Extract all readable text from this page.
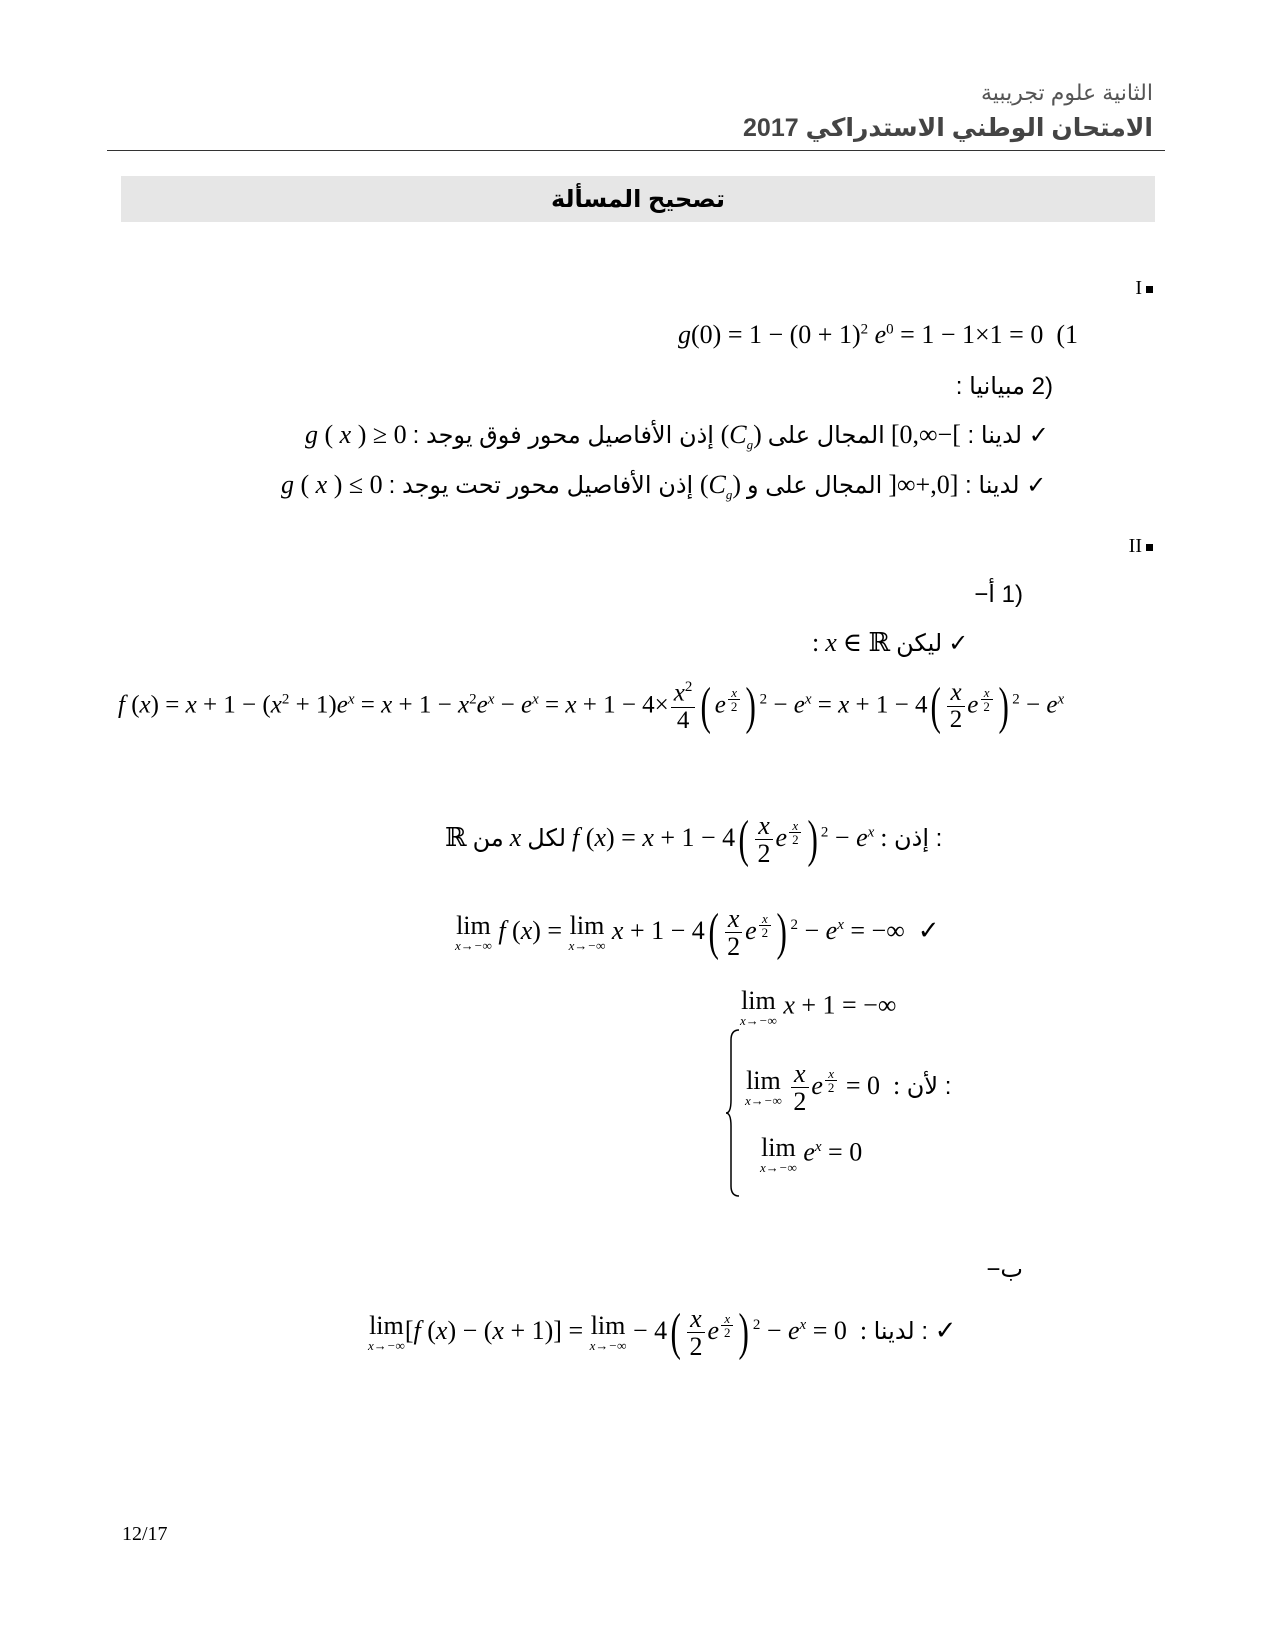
الثانية علوم تجريبية
الامتحان الوطني الاستدراكي 2017
تصحيح المسألة
I
$g(0) = 1 - (0 + 1)^2$ $e^0 = 1 - 1\times 1 = 0$  (1
(2 مبيانيا :
g ( x ) ≥ 0 : إذن الأفاصيل محور فوق يوجد $(C_g)$	لدينا : ]−∞,0] المجال على ✓
g ( x ) ≤ 0 : إذن الأفاصيل محور تحت يوجد $(C_g)$	لدينا : [0,+∞[ المجال على و ✓
II
(1 أ−
: x ∈ ℝ ليكن ✓
f $(x) = x + 1 - (x^2 + 1)e^x = x + 1 - x^2e^x - e^x = x + 1 - 4\times \frac{x^2}{4}$ ( e $^{\frac{x}{2}}$ ) $^2 - e^x = x + 1 - 4( \frac{x}{2}$ e $^{\frac{x}{2}}$ ) $^2 - e^x$
ℝ من x لكل f $(x) = x + 1 - 4( \frac{x}{2}$ e $^{\frac{x}{2}}$ ) $^2 - e^x$ : إذن :
lim
x→−∞
f (x) = lim
x→−∞
$x + 1 - 4( \frac{x}{2}$ e $^{\frac{x}{2}}$ ) $^2 - e^x$ = −∞  ✓
lim
x→−∞
x + 1 = −∞
lim
x→−∞
$\frac{x}{2}$ e $^{\frac{x}{2}}$ = 0  : لأن :
lim
x→−∞
$e^x = 0$
ب−
lim
x→−∞
[f (x) − (x + 1)] = lim
x→−∞
− $4( \frac{x}{2}$ e $^{\frac{x}{2}}$ ) $^2 - e^x = 0$  : لدينا : ✓
12/17
